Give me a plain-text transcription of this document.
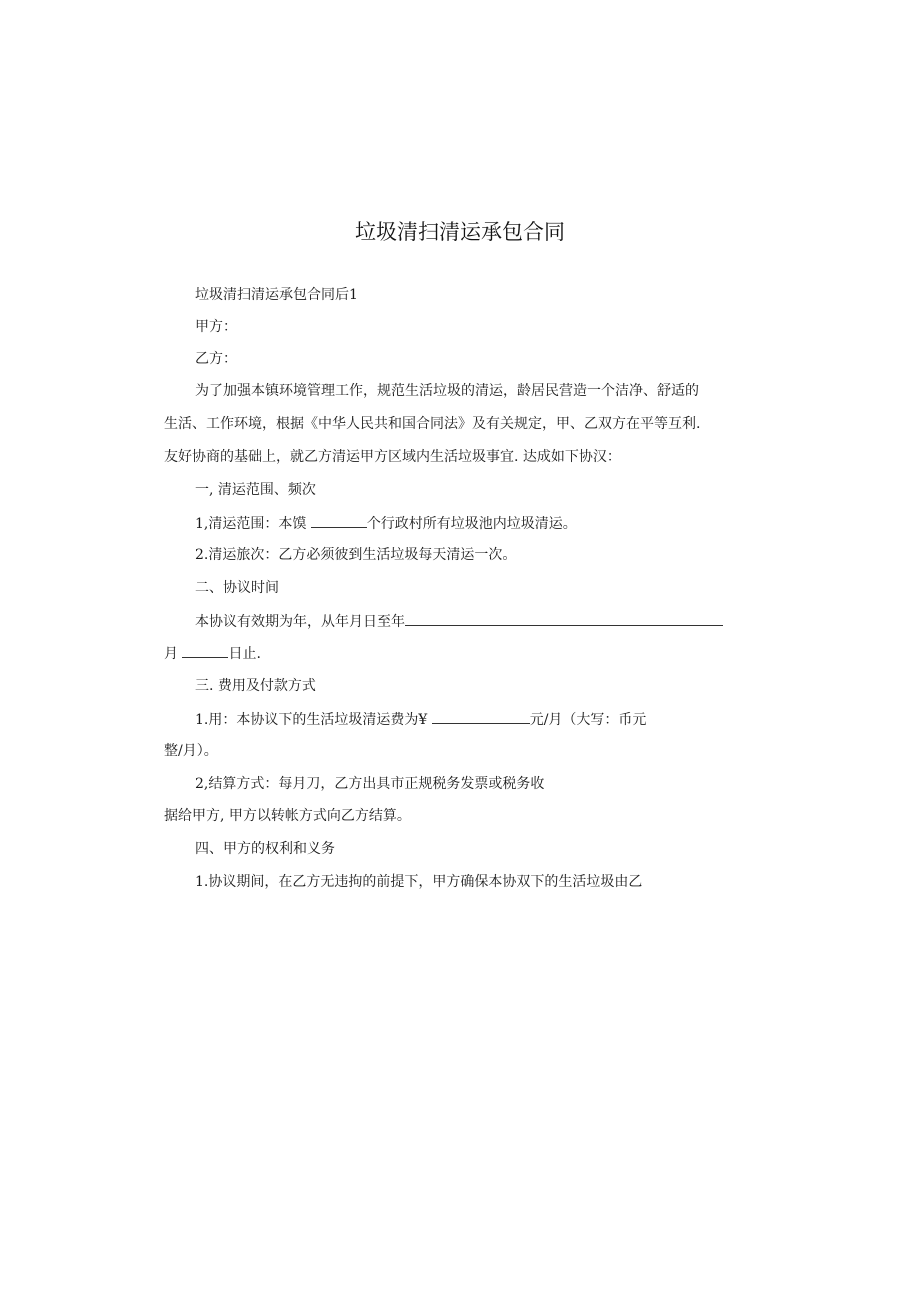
垃圾清扫清运承包合同
垃圾清扫清运承包合同后1
甲方：
乙方：
为了加强本镇环境管理工作，规范生活垃圾的清运，龄居民营造一个洁净、舒适的
生活、工作环境，根据《中华人民共和国合同法》及有关规定，甲、乙双方在平等互利.
友好协商的基础上，就乙方清运甲方区域内生活垃圾事宜. 达成如下协汉：
一, 清运范围、频次
1,清运范围：本馍	个行政村所有垃圾池内垃圾清运。
2.清运旅次：乙方必须彼到生活垃圾每天清运一次。
二、协议时间
本协议有效期为年，从年月日至年
月	日止.
三. 费用及付款方式
1.用：本协议下的生活垃圾清运费为¥	元/月（大写：币元
整/月）。
2,结算方式：每月刀，乙方出具市正规税务发票或税务收
据给甲方, 甲方以转帐方式向乙方结算。
四、甲方的权利和义务
1.协议期间，在乙方无违拘的前提下，甲方确保本协双下的生活垃圾由乙
